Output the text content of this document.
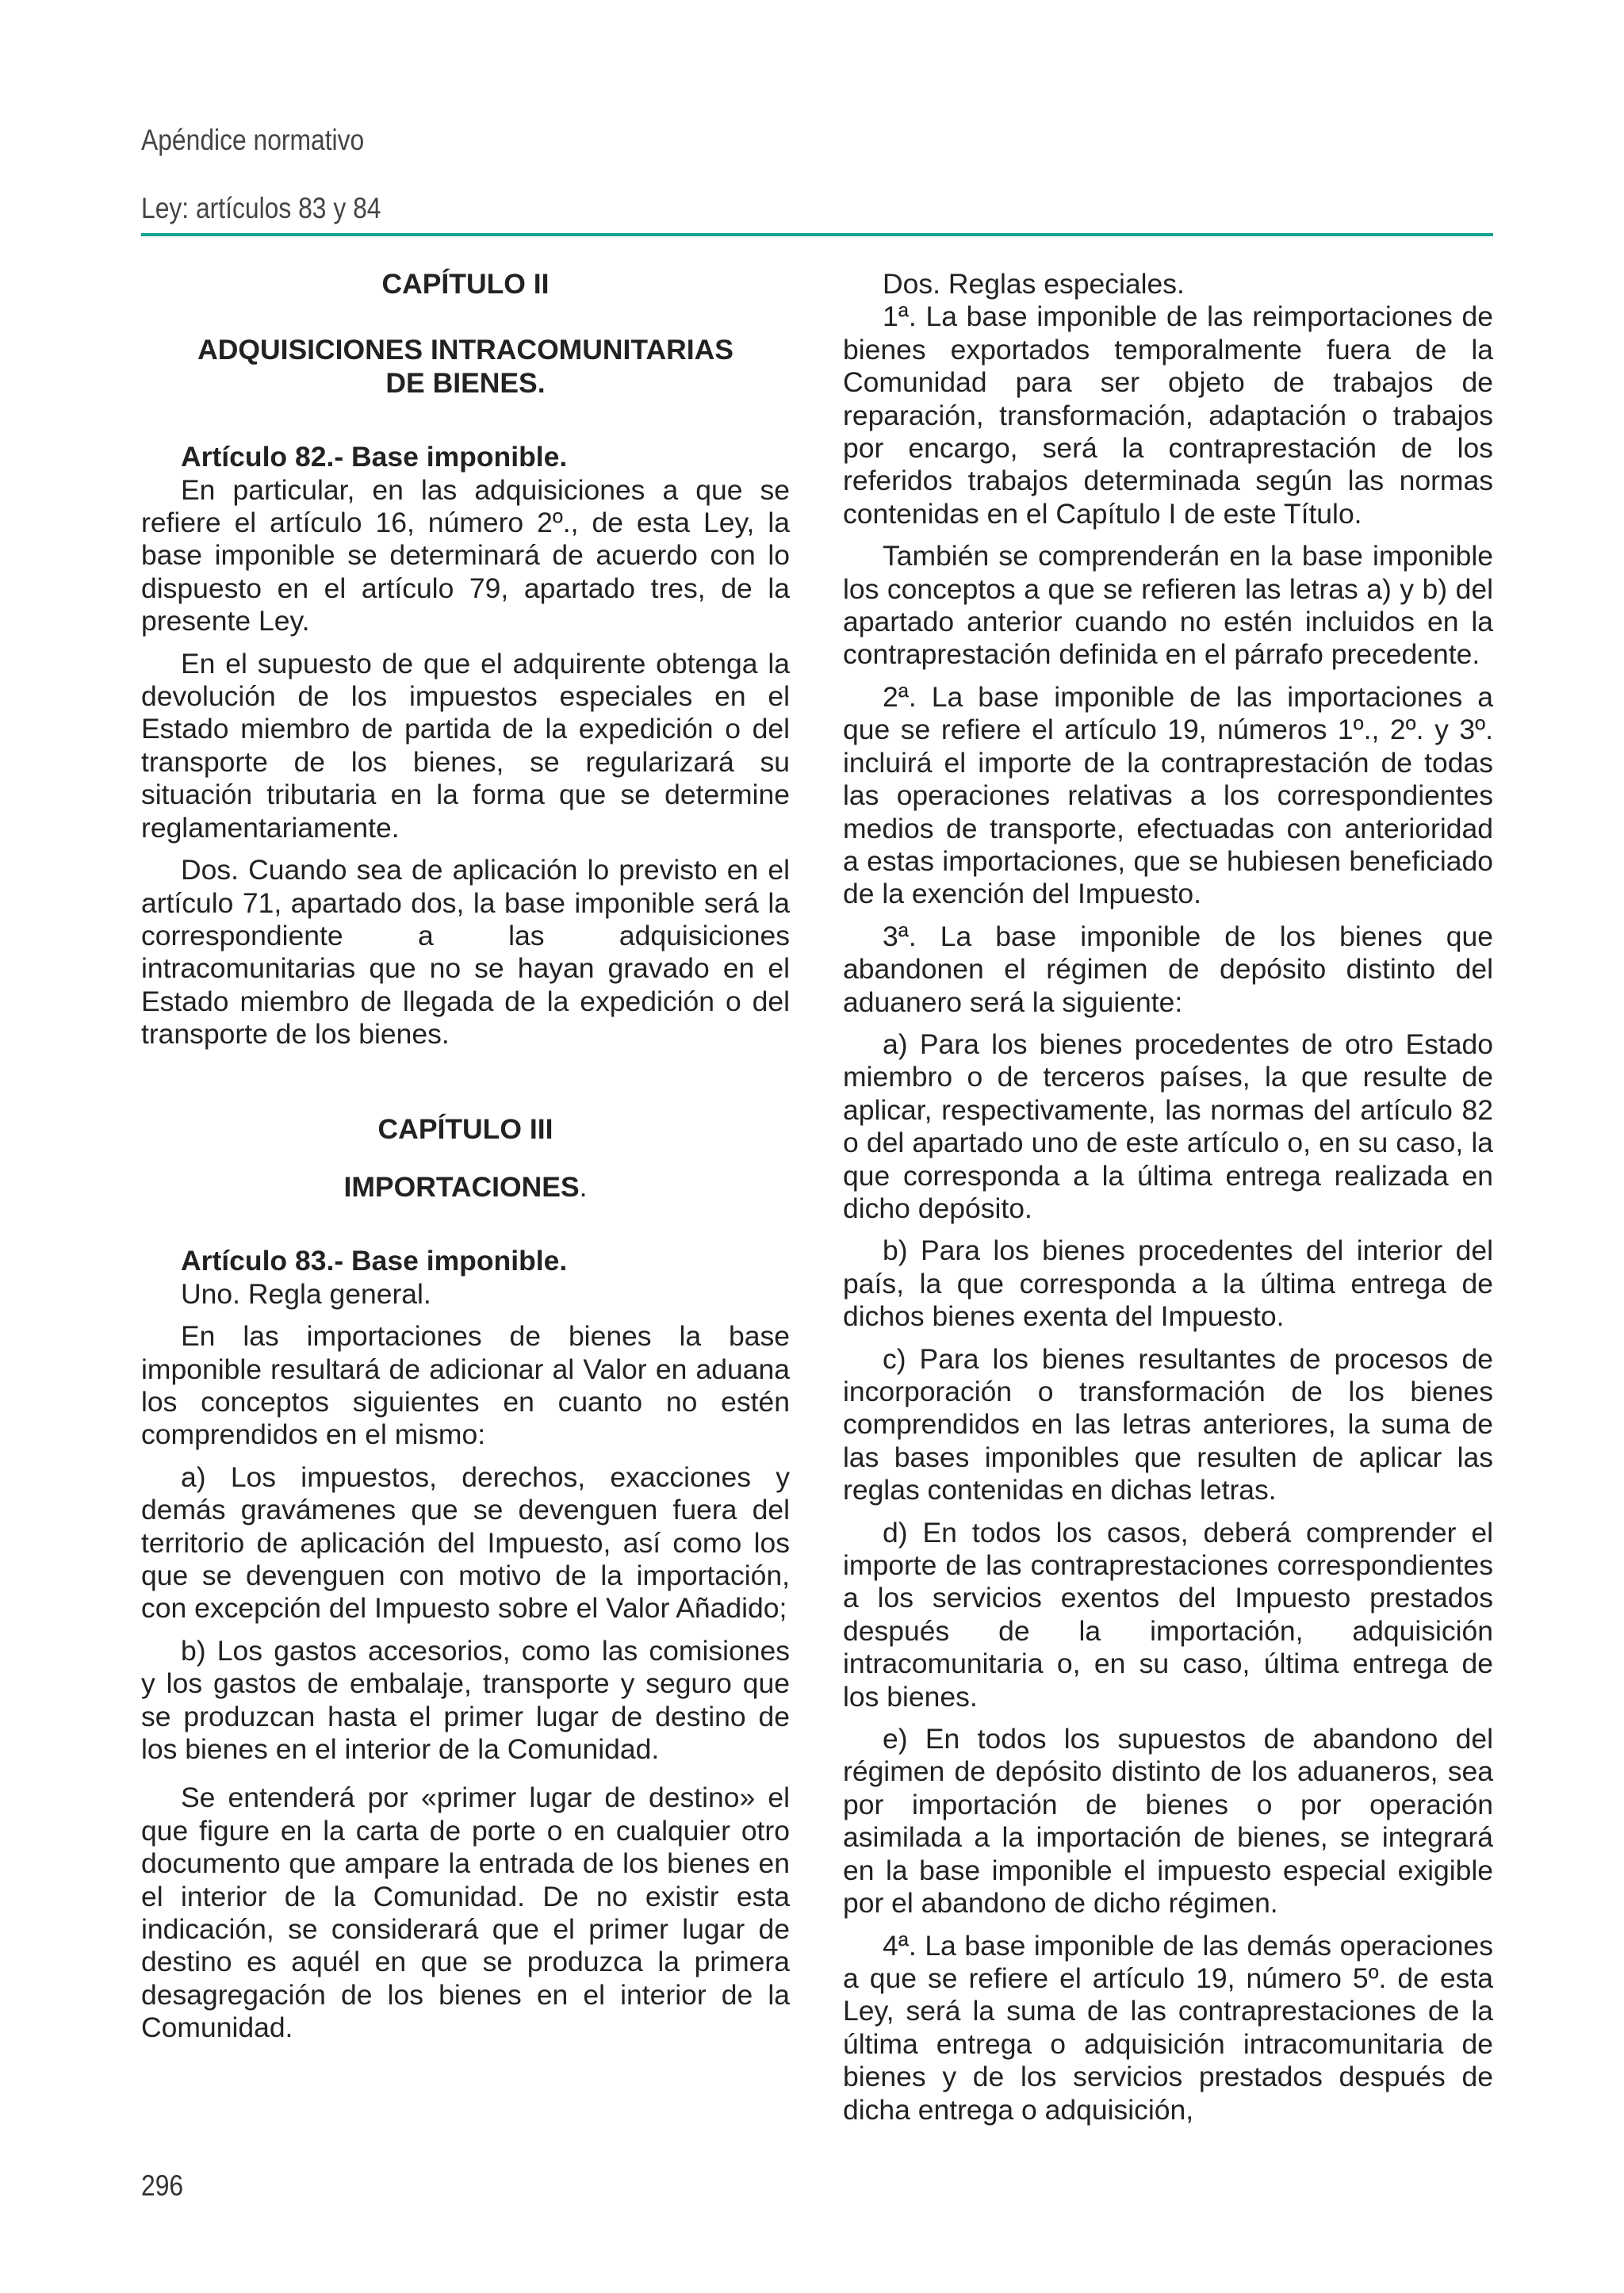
Apéndice normativo
Ley: artículos 83 y 84

CAPÍTULO II

ADQUISICIONES INTRACOMUNITARIAS

DE BIENES.

Artículo 82.- Base imponible.

En particular, en las adquisiciones a que se refiere el artículo 16, número 2º., de esta Ley, la base imponible se determinará de acuerdo con lo dispuesto en el artículo 79, apartado tres, de la presente Ley.

En el supuesto de que el adquirente obtenga la devolución de los impuestos especiales en el Estado miembro de partida de la expedición o del transporte de los bienes, se regularizará su situación tributaria en la forma que se determine reglamentariamente.

Dos. Cuando sea de aplicación lo previsto en el artículo 71, apartado dos, la base imponible será la correspondiente a las adquisiciones intracomunitarias que no se hayan gravado en el Estado miembro de llegada de la expedición o del transporte de los bienes.

CAPÍTULO III

IMPORTACIONES.

Artículo 83.- Base imponible.

Uno. Regla general.

En las importaciones de bienes la base imponible resultará de adicionar al Valor en aduana los conceptos siguientes en cuanto no estén comprendidos en el mismo:

a) Los impuestos, derechos, exacciones y demás gravámenes que se devenguen fuera del territorio de aplicación del Impuesto, así como los que se devenguen con motivo de la importación, con excepción del Impuesto sobre el Valor Añadido;

b) Los gastos accesorios, como las comisiones y los gastos de embalaje, transporte y seguro que se produzcan hasta el primer lugar de destino de los bienes en el interior de la Comunidad.

Se entenderá por «primer lugar de destino» el que figure en la carta de porte o en cualquier otro documento que ampare la entrada de los bienes en el interior de la Comunidad. De no existir esta indicación, se considerará que el primer lugar de destino es aquél en que se produzca la primera desagregación de los bienes en el interior de la Comunidad.

Dos. Reglas especiales.

1ª. La base imponible de las reimportaciones de bienes exportados temporalmente fuera de la Comunidad para ser objeto de trabajos de reparación, transformación, adaptación o trabajos por encargo, será la contraprestación de los referidos trabajos determinada según las normas contenidas en el Capítulo I de este Título.

También se comprenderán en la base imponible los conceptos a que se refieren las letras a) y b) del apartado anterior cuando no estén incluidos en la contraprestación definida en el párrafo precedente.

2ª. La base imponible de las importaciones a que se refiere el artículo 19, números 1º., 2º. y 3º. incluirá el importe de la contraprestación de todas las operaciones relativas a los correspondientes medios de transporte, efectuadas con anterioridad a estas importaciones, que se hubiesen beneficiado de la exención del Impuesto.

3ª. La base imponible de los bienes que abandonen el régimen de depósito distinto del aduanero será la siguiente:

a) Para los bienes procedentes de otro Estado miembro o de terceros países, la que resulte de aplicar, respectivamente, las normas del artículo 82 o del apartado uno de este artículo o, en su caso, la que corresponda a la última entrega realizada en dicho depósito.

b) Para los bienes procedentes del interior del país, la que corresponda a la última entrega de dichos bienes exenta del Impuesto.

c) Para los bienes resultantes de procesos de incorporación o transformación de los bienes comprendidos en las letras anteriores, la suma de las bases imponibles que resulten de aplicar las reglas contenidas en dichas letras.

d) En todos los casos, deberá comprender el importe de las contraprestaciones correspondientes a los servicios exentos del Impuesto prestados después de la importación, adquisición intracomunitaria o, en su caso, última entrega de los bienes.

e) En todos los supuestos de abandono del régimen de depósito distinto de los aduaneros, sea por importación de bienes o por operación asimilada a la importación de bienes, se integrará en la base imponible el impuesto especial exigible por el abandono de dicho régimen.

4ª. La base imponible de las demás operaciones a que se refiere el artículo 19, número 5º. de esta Ley, será la suma de las contraprestaciones de la última entrega o adquisición intracomunitaria de bienes y de los servicios prestados después de dicha entrega o adquisición,

296
